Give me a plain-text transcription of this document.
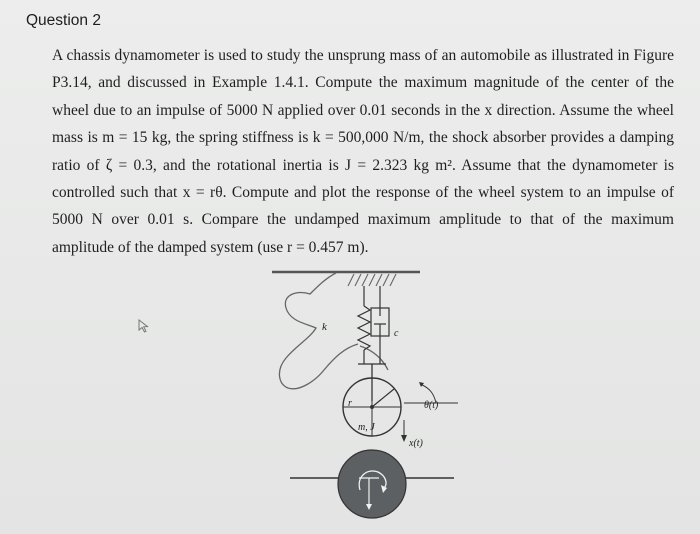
Question 2
A chassis dynamometer is used to study the unsprung mass of an automobile as illustrated in Figure
P3.14, and discussed in Example 1.4.1. Compute the maximum magnitude of the center of the
wheel due to an impulse of 5000 N applied over 0.01 seconds in the x direction. Assume the wheel
mass is m = 15 kg, the spring stiffness is k = 500,000 N/m, the shock absorber provides a damping
ratio of ζ = 0.3, and the rotational inertia is J = 2.323 kg m². Assume that the dynamometer is
controlled such that x = rθ. Compute and plot the response of the wheel system to an impulse of
5000 N over 0.01 s. Compare the undamped maximum amplitude to that of the maximum
amplitude of the damped system (use r = 0.457 m).
k
c
r
m, J
θ(t)
x(t)
